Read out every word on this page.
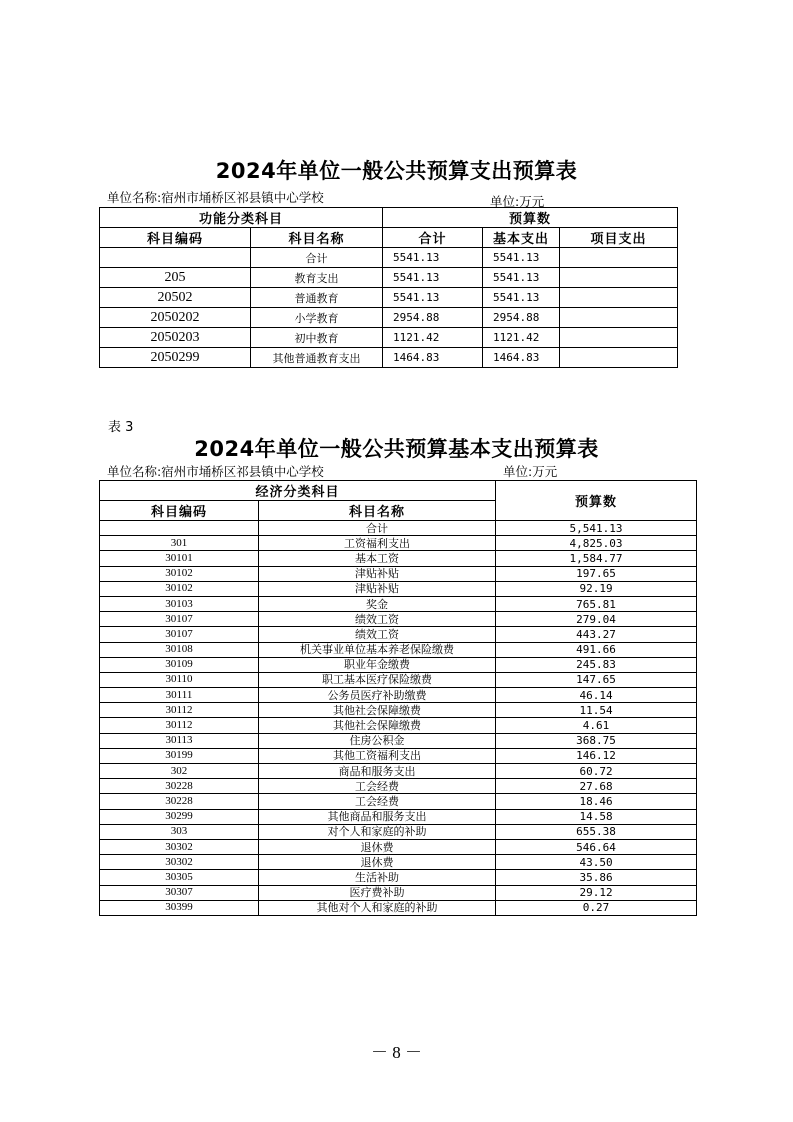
2024年单位一般公共预算支出预算表
单位名称:宿州市埇桥区祁县镇中心学校	单位:万元
功能分类科目		预算数		
科目编码	科目名称	合计	基本支出	项目支出
	合计	5541.13	5541.13	
205	教育支出	5541.13	5541.13	
20502	普通教育	5541.13	5541.13	
2050202	小学教育	2954.88	2954.88	
2050203	初中教育	1121.42	1121.42	
2050299	其他普通教育支出	1464.83	1464.83	
表 3
2024年单位一般公共预算基本支出预算表
单位名称:宿州市埇桥区祁县镇中心学校	单位:万元
经济分类科目		预算数
科目编码	科目名称	
	合计	5,541.13
301	工资福利支出	4,825.03
30101	基本工资	1,584.77
30102	津贴补贴	197.65
30102	津贴补贴	92.19
30103	奖金	765.81
30107	绩效工资	279.04
30107	绩效工资	443.27
30108	机关事业单位基本养老保险缴费	491.66
30109	职业年金缴费	245.83
30110	职工基本医疗保险缴费	147.65
30111	公务员医疗补助缴费	46.14
30112	其他社会保障缴费	11.54
30112	其他社会保障缴费	4.61
30113	住房公积金	368.75
30199	其他工资福利支出	146.12
302	商品和服务支出	60.72
30228	工会经费	27.68
30228	工会经费	18.46
30299	其他商品和服务支出	14.58
303	对个人和家庭的补助	655.38
30302	退休费	546.64
30302	退休费	43.50
30305	生活补助	35.86
30307	医疗费补助	29.12
30399	其他对个人和家庭的补助	0.27
－ 8 －
